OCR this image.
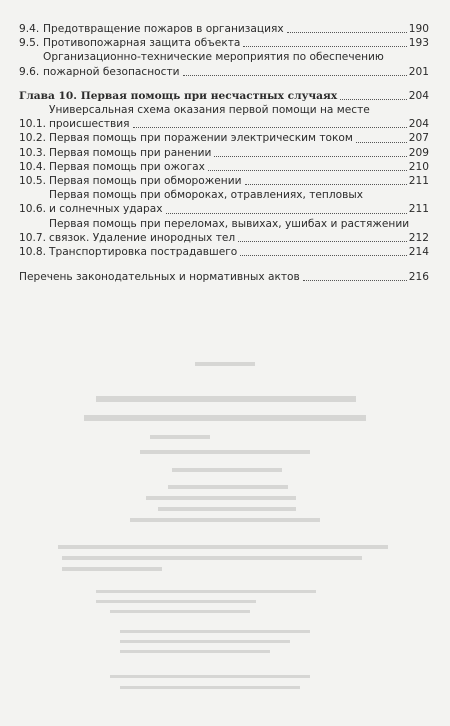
9.4. Предотвращение пожаров в организациях	190
9.5. Противопожарная защита объекта	193
9.6.
Организационно-технические мероприятия по обеспечению
пожарной безопасности	201
Глава 10. Первая помощь при несчастных случаях	204
10.1.
Универсальная схема оказания первой помощи на месте
происшествия	204
10.2. Первая помощь при поражении электрическим током	207
10.3. Первая помощь при ранении	209
10.4. Первая помощь при ожогах	210
10.5. Первая помощь при обморожении	211
10.6.
Первая помощь при обмороках, отравлениях, тепловых
и солнечных ударах	211
10.7.
Первая помощь при переломах, вывихах, ушибах и растяжении
связок. Удаление инородных тел	212
10.8. Транспортировка пострадавшего	214
Перечень законодательных и нормативных актов	216
